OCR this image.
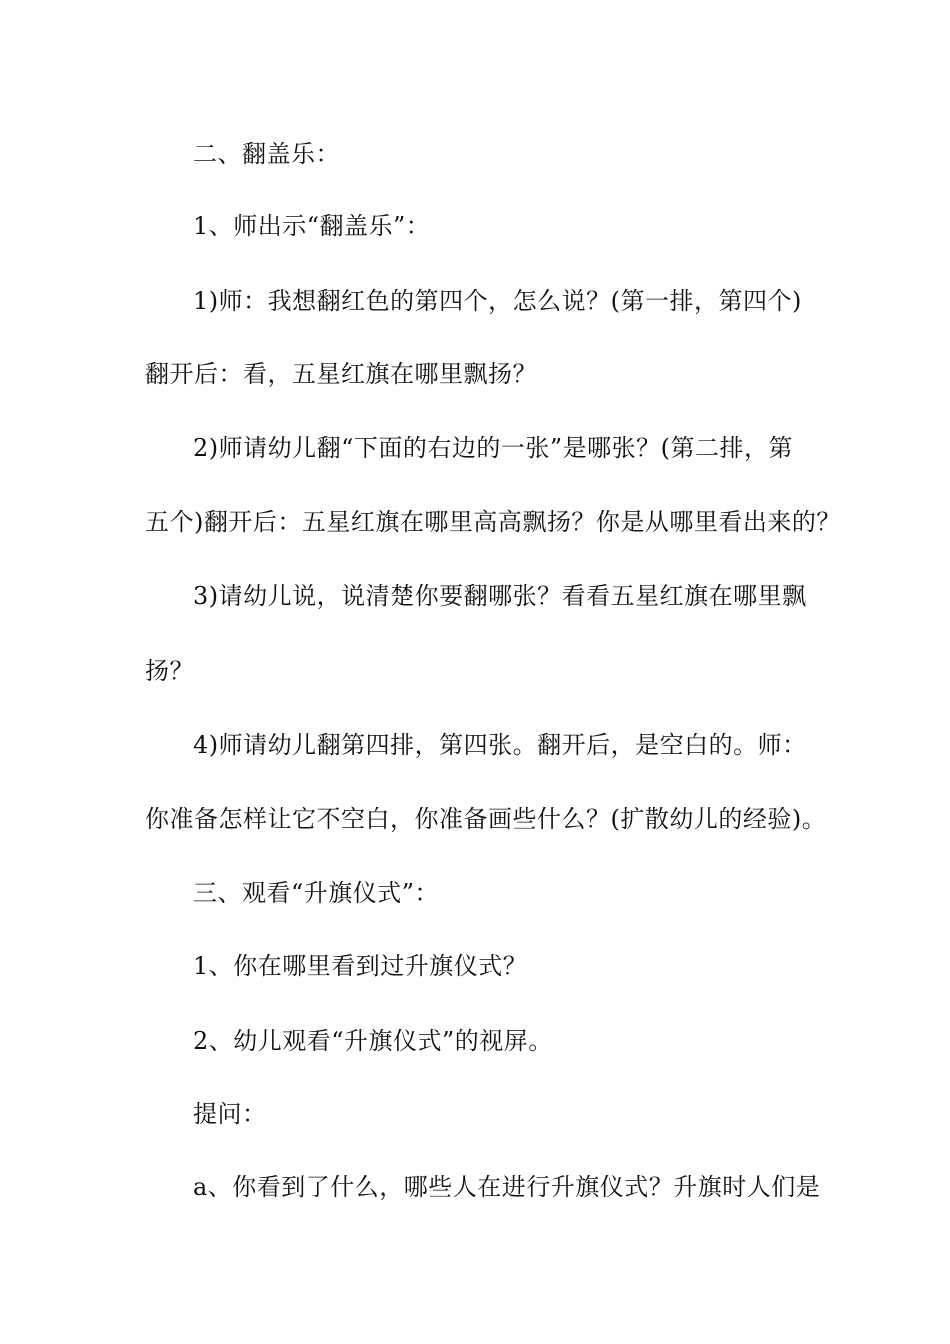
二、翻盖乐：
1、师出示“翻盖乐”：
1)师：我想翻红色的第四个，怎么说？(第一排，第四个)
翻开后：看，五星红旗在哪里飘扬？
2)师请幼儿翻“下面的右边的一张”是哪张？(第二排，第
五个)翻开后：五星红旗在哪里高高飘扬？你是从哪里看出来的？
3)请幼儿说，说清楚你要翻哪张？看看五星红旗在哪里飘
扬？
4)师请幼儿翻第四排，第四张。翻开后，是空白的。师：
你准备怎样让它不空白，你准备画些什么？(扩散幼儿的经验)。
三、观看“升旗仪式”：
1、你在哪里看到过升旗仪式？
2、幼儿观看“升旗仪式”的视屏。
提问：
a、你看到了什么，哪些人在进行升旗仪式？升旗时人们是
